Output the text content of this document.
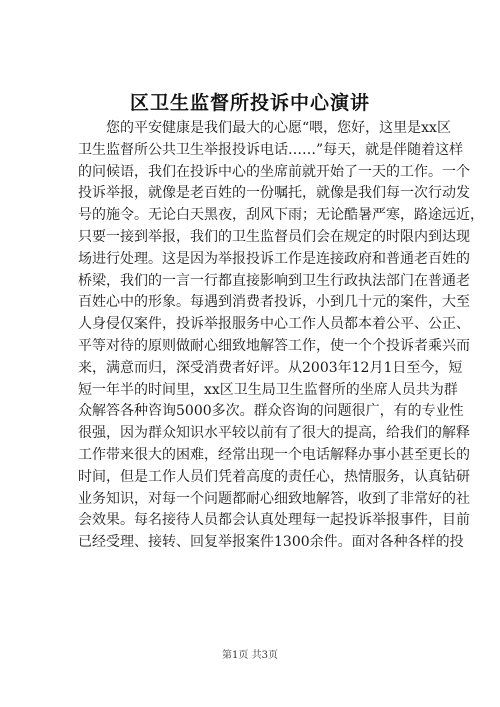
区卫生监督所投诉中心演讲
　　您的平安健康是我们最大的心愿“喂，您好，这里是xx区
卫生监督所公共卫生举报投诉电话……”每天，就是伴随着这样
的问候语，我们在投诉中心的坐席前就开始了一天的工作。一个
投诉举报，就像是老百姓的一份嘱托，就像是我们每一次行动发
号的施令。无论白天黑夜，刮风下雨；无论酷暑严寒，路途远近，
只要一接到举报，我们的卫生监督员们会在规定的时限内到达现
场进行处理。这是因为举报投诉工作是连接政府和普通老百姓的
桥梁，我们的一言一行都直接影响到卫生行政执法部门在普通老
百姓心中的形象。每遇到消费者投诉，小到几十元的案件，大至
人身侵仅案件，投诉举报服务中心工作人员都本着公平、公正、
平等对待的原则做耐心细致地解答工作，使一个个投诉者乘兴而
来，满意而归，深受消费者好评。从2003年12月1日至今，短
短一年半的时间里，xx区卫生局卫生监督所的坐席人员共为群
众解答各种咨询5000多次。群众咨询的问题很广，有的专业性
很强，因为群众知识水平较以前有了很大的提高，给我们的解释
工作带来很大的困难，经常出现一个电话解释办事小甚至更长的
时间，但是工作人员们凭着高度的责任心，热情服务，认真钻研
业务知识，对每一个问题都耐心细致地解答，收到了非常好的社
会效果。每名接待人员都会认真处理每一起投诉举报事件，目前
已经受理、接转、回复举报案件1300余件。面对各种各样的投
第1页 共3页
